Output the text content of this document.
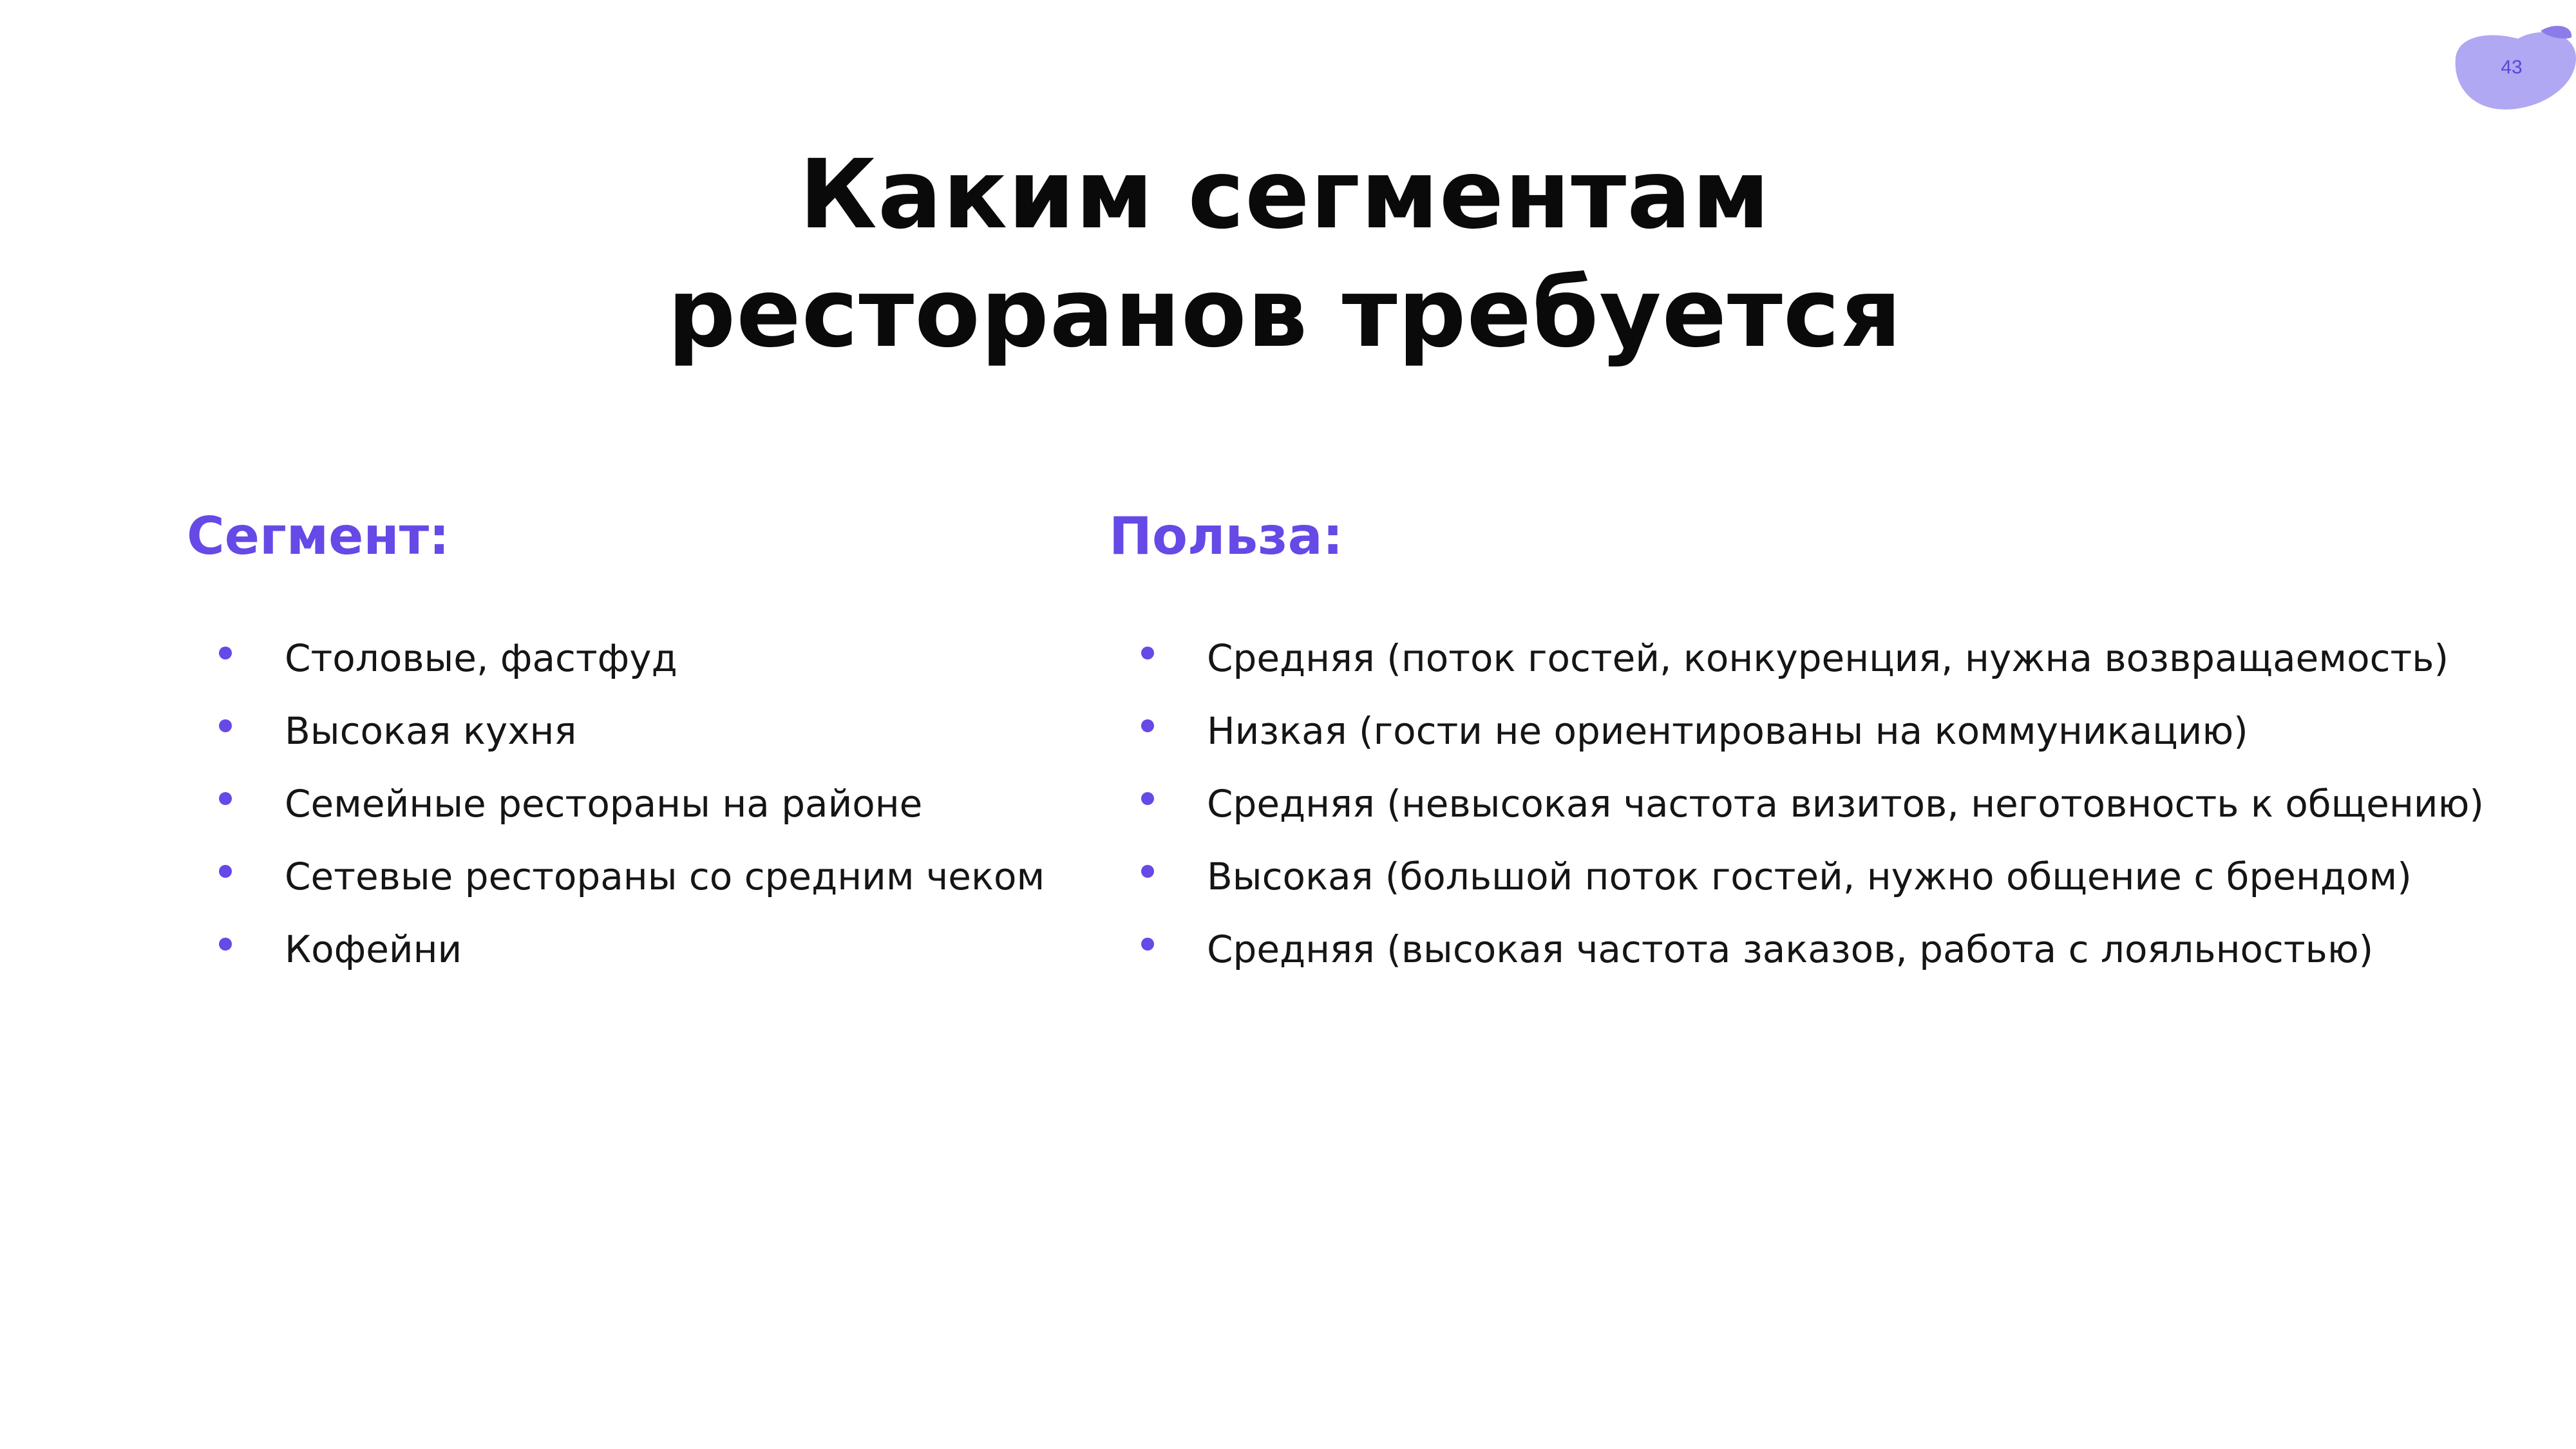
43
Каким сегментам
ресторанов требуется
Сегмент:	Польза:
Столовые, фастфуд
Высокая кухня
Семейные рестораны на районе
Сетевые рестораны со средним чеком
Кофейни
Средняя (поток гостей, конкуренция, нужна возвращаемость)
Низкая (гости не ориентированы на коммуникацию)
Средняя (невысокая частота визитов, неготовность к общению)
Высокая (большой поток гостей, нужно общение с брендом)
Средняя (высокая частота заказов, работа с лояльностью)
